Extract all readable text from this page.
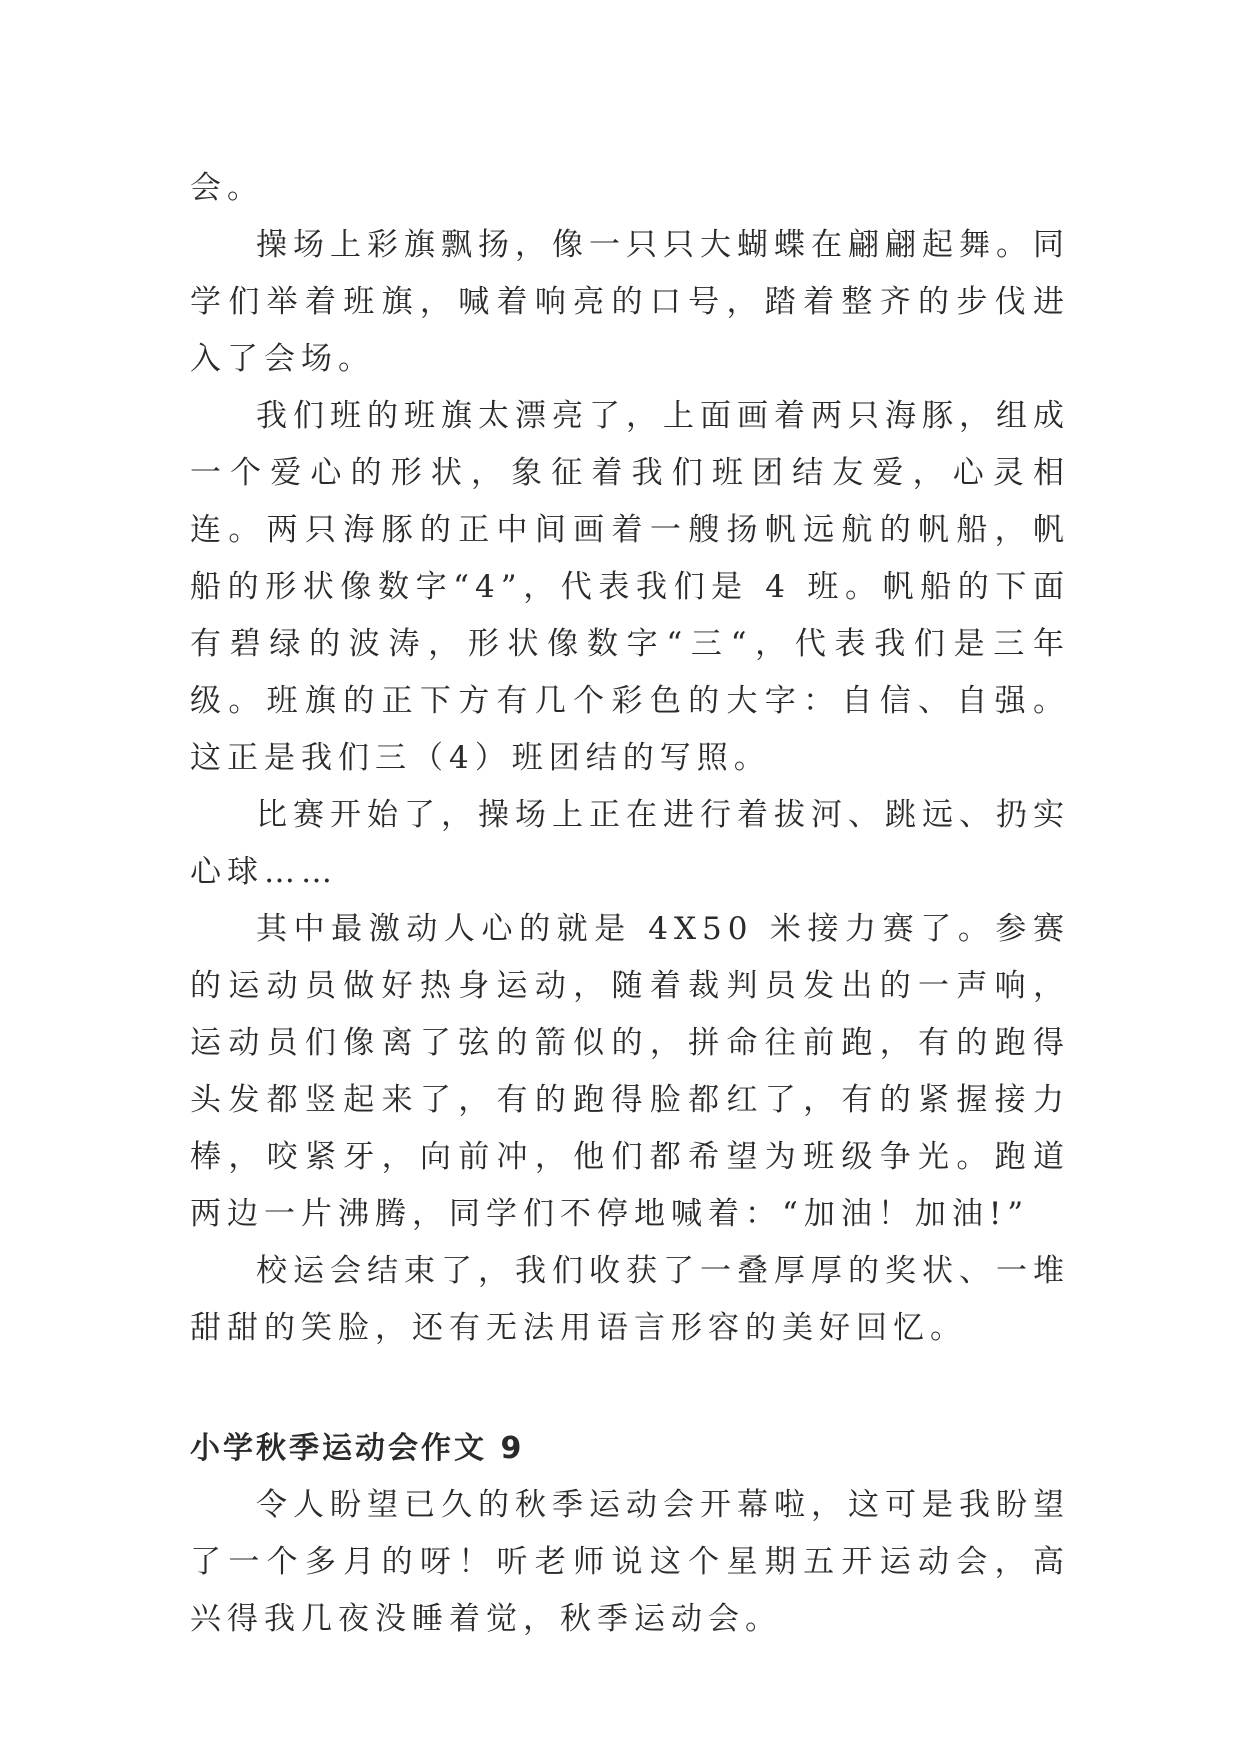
会。

操场上彩旗飘扬，像一只只大蝴蝶在翩翩起舞。同学们举着班旗，喊着响亮的口号，踏着整齐的步伐进入了会场。

我们班的班旗太漂亮了，上面画着两只海豚，组成一个爱心的形状，象征着我们班团结友爱，心灵相连。两只海豚的正中间画着一艘扬帆远航的帆船，帆船的形状像数字“4”，代表我们是 4 班。帆船的下面有碧绿的波涛，形状像数字“三“，代表我们是三年级。班旗的正下方有几个彩色的大字：自信、自强。这正是我们三（4）班团结的写照。

比赛开始了，操场上正在进行着拔河、跳远、扔实心球……

其中最激动人心的就是 4X50 米接力赛了。参赛的运动员做好热身运动，随着裁判员发出的一声响，运动员们像离了弦的箭似的，拼命往前跑，有的跑得头发都竖起来了，有的跑得脸都红了，有的紧握接力棒，咬紧牙，向前冲，他们都希望为班级争光。跑道两边一片沸腾，同学们不停地喊着：“加油！加油!”

校运会结束了，我们收获了一叠厚厚的奖状、一堆甜甜的笑脸，还有无法用语言形容的美好回忆。

小学秋季运动会作文 9

令人盼望已久的秋季运动会开幕啦，这可是我盼望了一个多月的呀！听老师说这个星期五开运动会，高兴得我几夜没睡着觉，秋季运动会。
